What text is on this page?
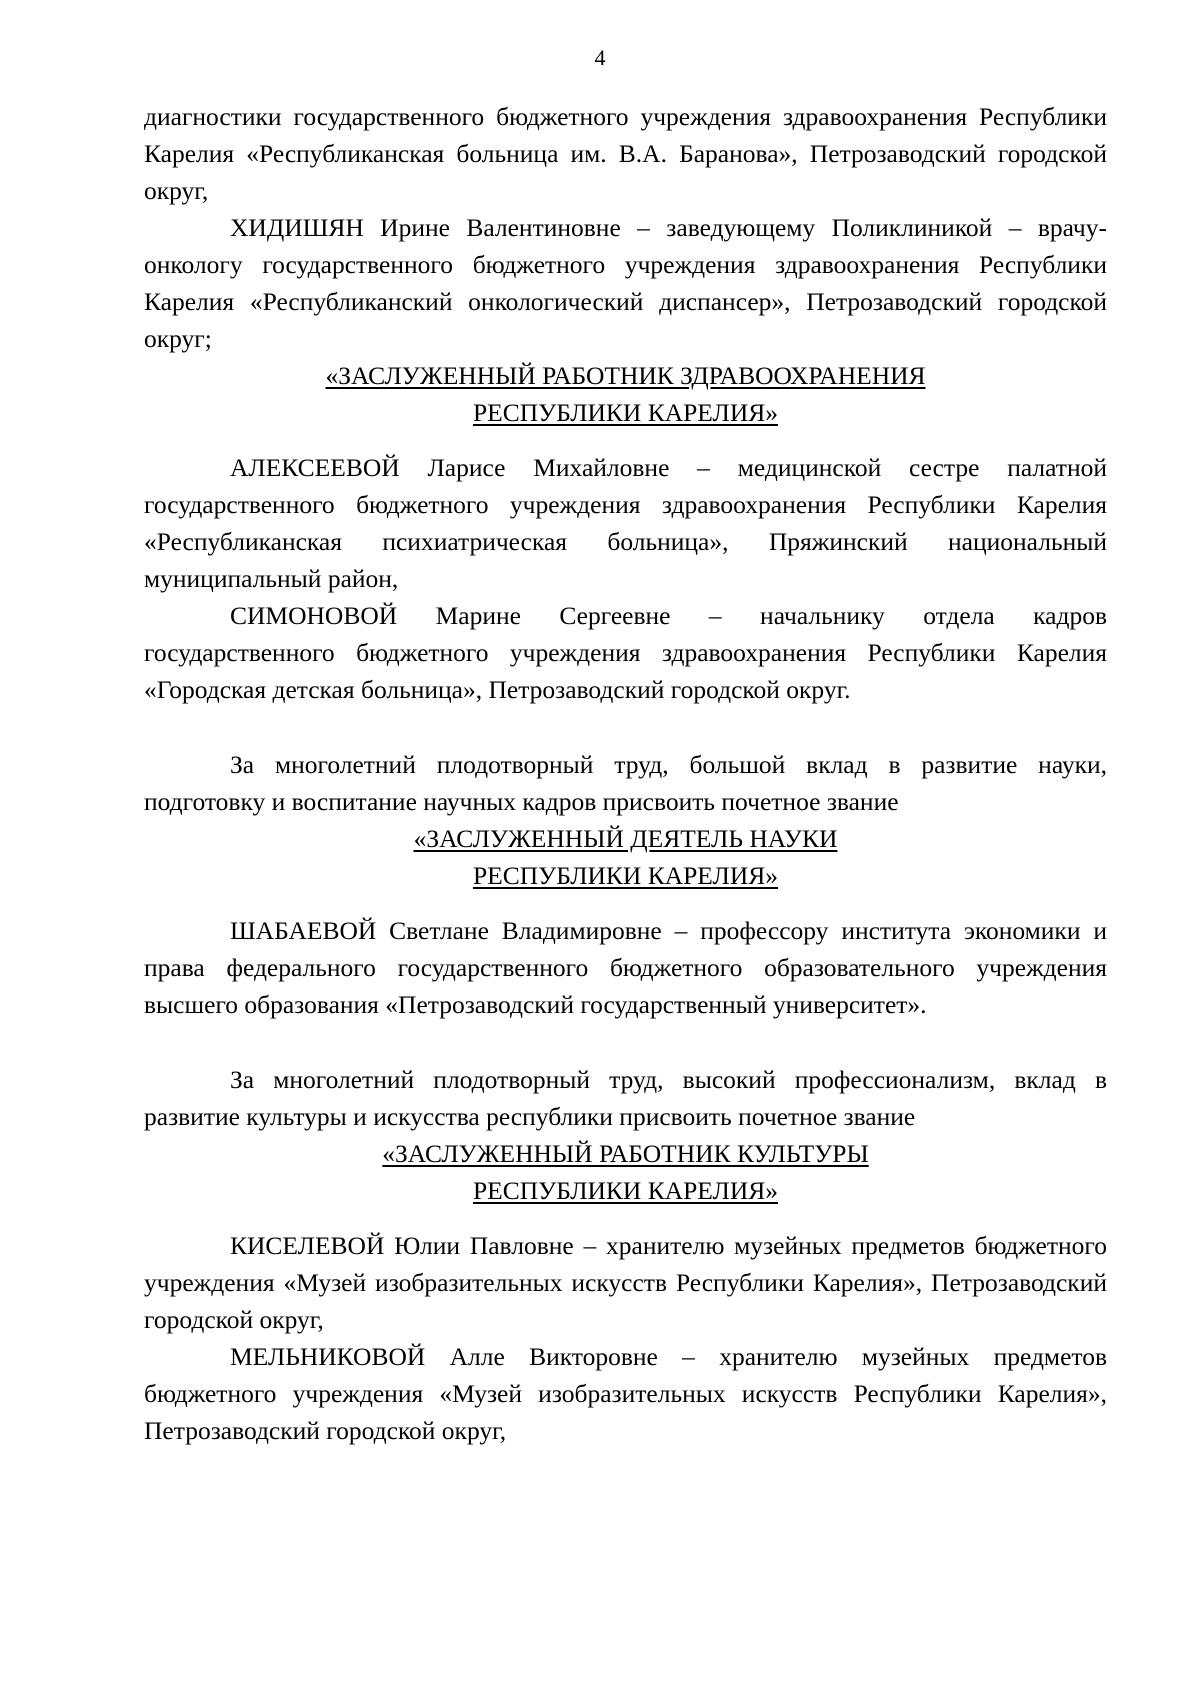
4

диагностики государственного бюджетного учреждения здравоохранения Республики Карелия «Республиканская больница им. В.А. Баранова», Петрозаводский городской округ,

ХИДИШЯН Ирине Валентиновне – заведующему Поликлиникой – врачу-онкологу государственного бюджетного учреждения здравоохранения Республики Карелия «Республиканский онкологический диспансер», Петрозаводский городской округ;

«ЗАСЛУЖЕННЫЙ РАБОТНИК ЗДРАВООХРАНЕНИЯ
РЕСПУБЛИКИ КАРЕЛИЯ»

АЛЕКСЕЕВОЙ Ларисе Михайловне – медицинской сестре палатной государственного бюджетного учреждения здравоохранения Республики Карелия «Республиканская психиатрическая больница», Пряжинский национальный муниципальный район,

СИМОНОВОЙ Марине Сергеевне – начальнику отдела кадров государственного бюджетного учреждения здравоохранения Республики Карелия «Городская детская больница», Петрозаводский городской округ.

За многолетний плодотворный труд, большой вклад в развитие науки, подготовку и воспитание научных кадров присвоить почетное звание

«ЗАСЛУЖЕННЫЙ ДЕЯТЕЛЬ НАУКИ
РЕСПУБЛИКИ КАРЕЛИЯ»

ШАБАЕВОЙ Светлане Владимировне – профессору института экономики и права федерального государственного бюджетного образовательного учреждения высшего образования «Петрозаводский государственный университет».

За многолетний плодотворный труд, высокий профессионализм, вклад в развитие культуры и искусства республики присвоить почетное звание

«ЗАСЛУЖЕННЫЙ РАБОТНИК КУЛЬТУРЫ
РЕСПУБЛИКИ КАРЕЛИЯ»

КИСЕЛЕВОЙ Юлии Павловне – хранителю музейных предметов бюджетного учреждения «Музей изобразительных искусств Республики Карелия», Петрозаводский городской округ,

МЕЛЬНИКОВОЙ Алле Викторовне – хранителю музейных предметов бюджетного учреждения «Музей изобразительных искусств Республики Карелия», Петрозаводский городской округ,
